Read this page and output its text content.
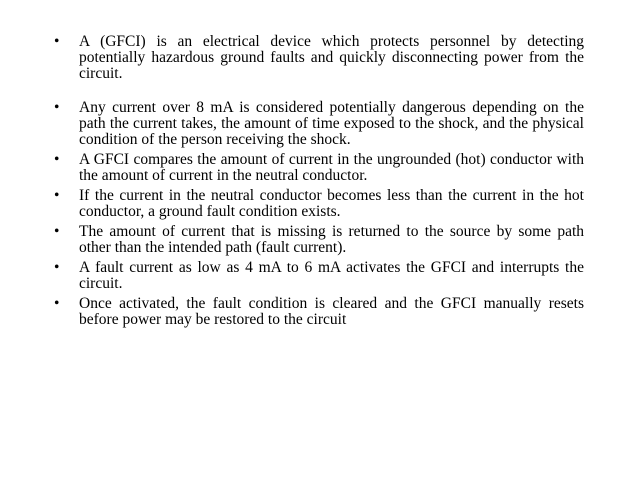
•	A (GFCI) is an electrical device which protects personnel by detecting potentially hazardous ground faults and quickly disconnecting power from the circuit.
•	Any current over 8 mA is considered potentially dangerous depending on the path the current takes, the amount of time exposed to the shock, and the physical condition of the person receiving the shock.
•	A GFCI compares the amount of current in the ungrounded (hot) conductor with the amount of current in the neutral conductor.
•	If the current in the neutral conductor becomes less than the current in the hot conductor, a ground fault condition exists.
•	The amount of current that is missing is returned to the source by some path other than the intended path (fault current).
•	A fault current as low as 4 mA to 6 mA activates the GFCI and interrupts the circuit.
•	Once activated, the fault condition is cleared and the GFCI manually resets before power may be restored to the circuit
